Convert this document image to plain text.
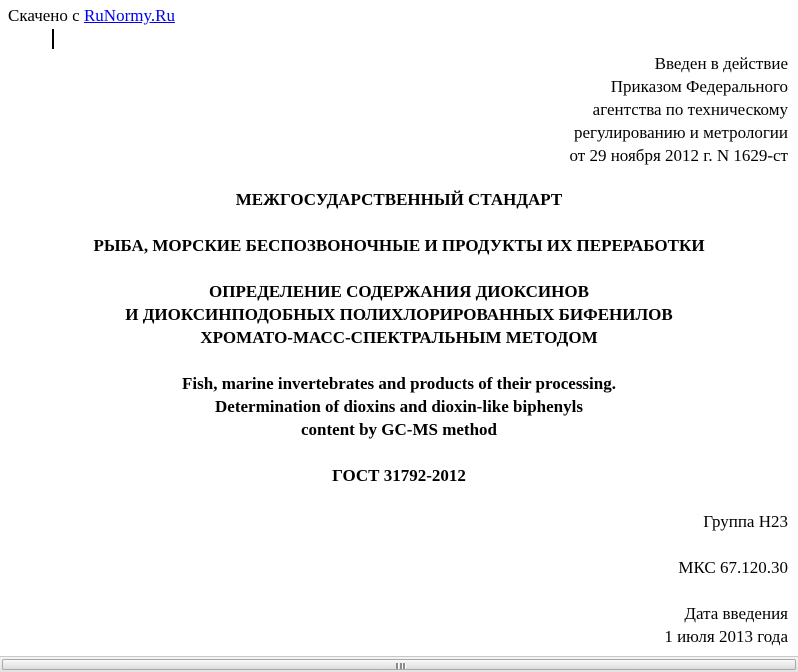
Скачено с RuNormy.Ru
Введен в действие
Приказом Федерального
агентства по техническому
регулированию и метрологии
от 29 ноября 2012 г. N 1629-ст
МЕЖГОСУДАРСТВЕННЫЙ СТАНДАРТ
РЫБА, МОРСКИЕ БЕСПОЗВОНОЧНЫЕ И ПРОДУКТЫ ИХ ПЕРЕРАБОТКИ
ОПРЕДЕЛЕНИЕ СОДЕРЖАНИЯ ДИОКСИНОВ
И ДИОКСИНПОДОБНЫХ ПОЛИХЛОРИРОВАННЫХ БИФЕНИЛОВ
ХРОМАТО-МАСС-СПЕКТРАЛЬНЫМ МЕТОДОМ
Fish, marine invertebrates and products of their processing.
Determination of dioxins and dioxin-like biphenyls
content by GC-MS method
ГОСТ 31792-2012
Группа Н23
МКС 67.120.30
Дата введения
1 июля 2013 года
